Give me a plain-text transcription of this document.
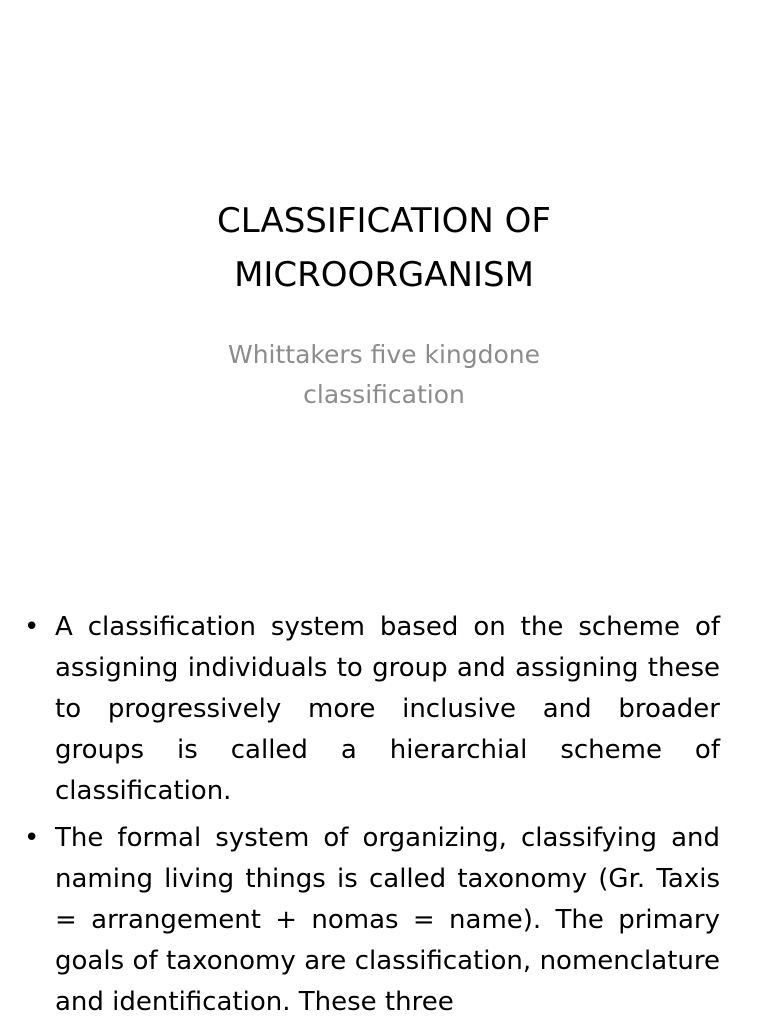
CLASSIFICATION OF MICROORGANISM
Whittakers five kingdone classification
• A classification system based on the scheme of assigning individuals to group and assigning these to progressively more inclusive and broader groups is called a hierarchial scheme of classification.
• The formal system of organizing, classifying and naming living things is called taxonomy (Gr. Taxis = arrangement + nomas = name). The primary goals of taxonomy are classification, nomenclature and identification. These three
